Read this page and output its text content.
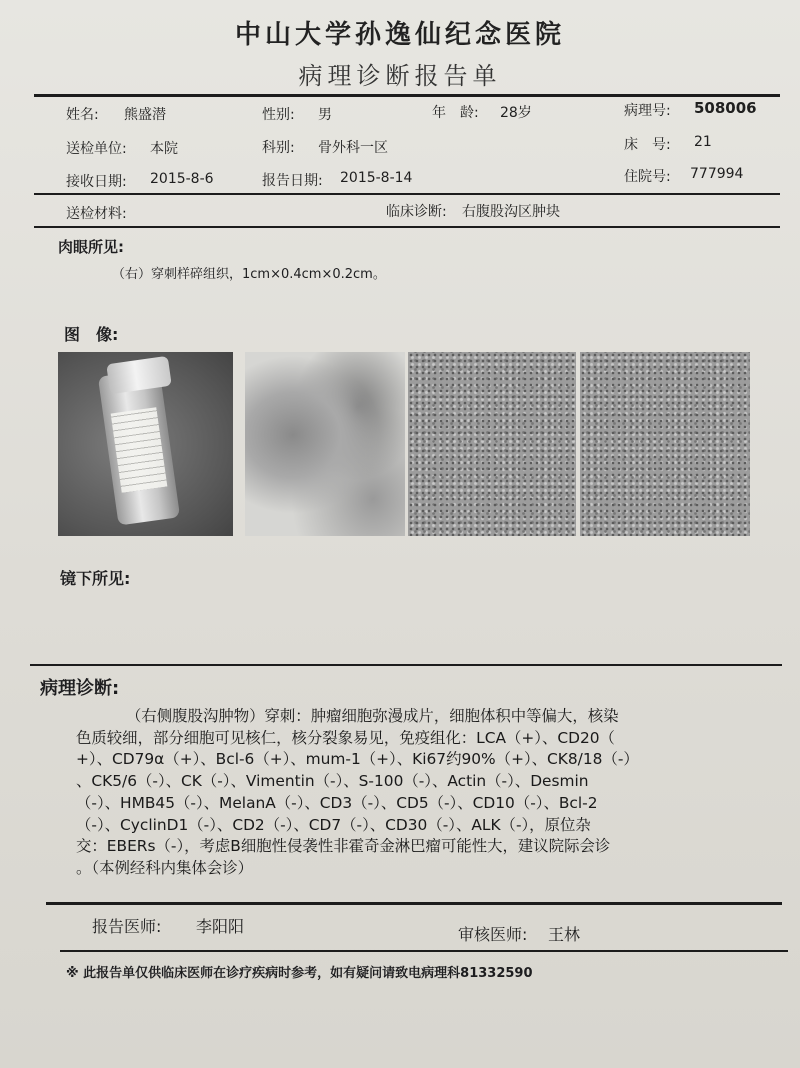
中山大学孙逸仙纪念医院
病理诊断报告单
姓名: 熊盛潜	性别: 男	年　龄: 28岁	病理号: 508006
送检单位: 本院	科别: 骨外科一区	床　号: 21
接收日期: 2015-8-6	报告日期: 2015-8-14	住院号: 777994
送检材料:	临床诊断: 右腹股沟区肿块
肉眼所见:
（右）穿刺样碎组织，1cm×0.4cm×0.2cm。
图　像:
镜下所见:
病理诊断:

（右侧腹股沟肿物）穿刺：肿瘤细胞弥漫成片，细胞体积中等偏大，核染

色质较细，部分细胞可见核仁，核分裂象易见，免疫组化：LCA（+）、CD20（

+）、CD79α（+）、Bcl-6（+）、mum-1（+）、Ki67约90%（+）、CK8/18（-）

、CK5/6（-）、CK（-）、Vimentin（-）、S-100（-）、Actin（-）、Desmin

（-）、HMB45（-）、MelanA（-）、CD3（-）、CD5（-）、CD10（-）、Bcl-2

（-）、CyclinD1（-）、CD2（-）、CD7（-）、CD30（-）、ALK（-），原位杂

交：EBERs（-），考虑B细胞性侵袭性非霍奇金淋巴瘤可能性大，建议院际会诊

。（本例经科内集体会诊）

报告医师: 李阳阳	审核医师: 王林
※ 此报告单仅供临床医师在诊疗疾病时参考，如有疑问请致电病理科81332590
